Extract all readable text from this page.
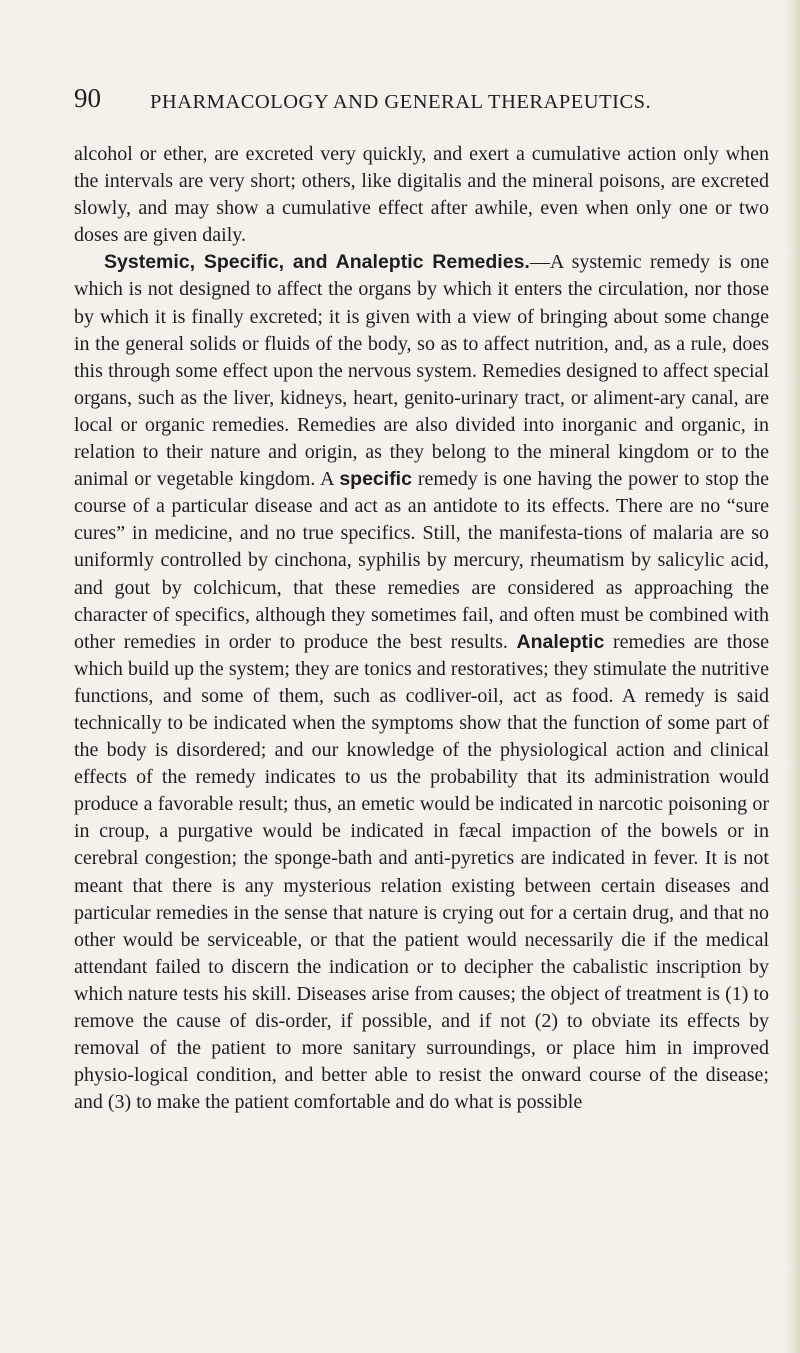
90 PHARMACOLOGY AND GENERAL THERAPEUTICS.

alcohol or ether, are excreted very quickly, and exert a cumulative action only when the intervals are very short; others, like digitalis and the mineral poisons, are excreted slowly, and may show a cumulative effect after awhile, even when only one or two doses are given daily.

Systemic, Specific, and Analeptic Remedies.—A systemic remedy is one which is not designed to affect the organs by which it enters the circulation, nor those by which it is finally excreted; it is given with a view of bringing about some change in the general solids or fluids of the body, so as to affect nutrition, and, as a rule, does this through some effect upon the nervous system. Remedies designed to affect special organs, such as the liver, kidneys, heart, genito-urinary tract, or aliment-ary canal, are local or organic remedies. Remedies are also divided into inorganic and organic, in relation to their nature and origin, as they belong to the mineral kingdom or to the animal or vegetable kingdom. A specific remedy is one having the power to stop the course of a particular disease and act as an antidote to its effects. There are no “sure cures” in medicine, and no true specifics. Still, the manifesta-tions of malaria are so uniformly controlled by cinchona, syphilis by mercury, rheumatism by salicylic acid, and gout by colchicum, that these remedies are considered as approaching the character of specifics, although they sometimes fail, and often must be combined with other remedies in order to produce the best results. Analeptic remedies are those which build up the system; they are tonics and restoratives; they stimulate the nutritive functions, and some of them, such as codliver-oil, act as food. A remedy is said technically to be indicated when the symptoms show that the function of some part of the body is disordered; and our knowledge of the physiological action and clinical effects of the remedy indicates to us the probability that its administration would produce a favorable result; thus, an emetic would be indicated in narcotic poisoning or in croup, a purgative would be indicated in fæcal impaction of the bowels or in cerebral congestion; the sponge-bath and anti-pyretics are indicated in fever. It is not meant that there is any mysterious relation existing between certain diseases and particular remedies in the sense that nature is crying out for a certain drug, and that no other would be serviceable, or that the patient would necessarily die if the medical attendant failed to discern the indication or to decipher the cabalistic inscription by which nature tests his skill. Diseases arise from causes; the object of treatment is (1) to remove the cause of dis-order, if possible, and if not (2) to obviate its effects by removal of the patient to more sanitary surroundings, or place him in improved physio-logical condition, and better able to resist the onward course of the disease; and (3) to make the patient comfortable and do what is possible
